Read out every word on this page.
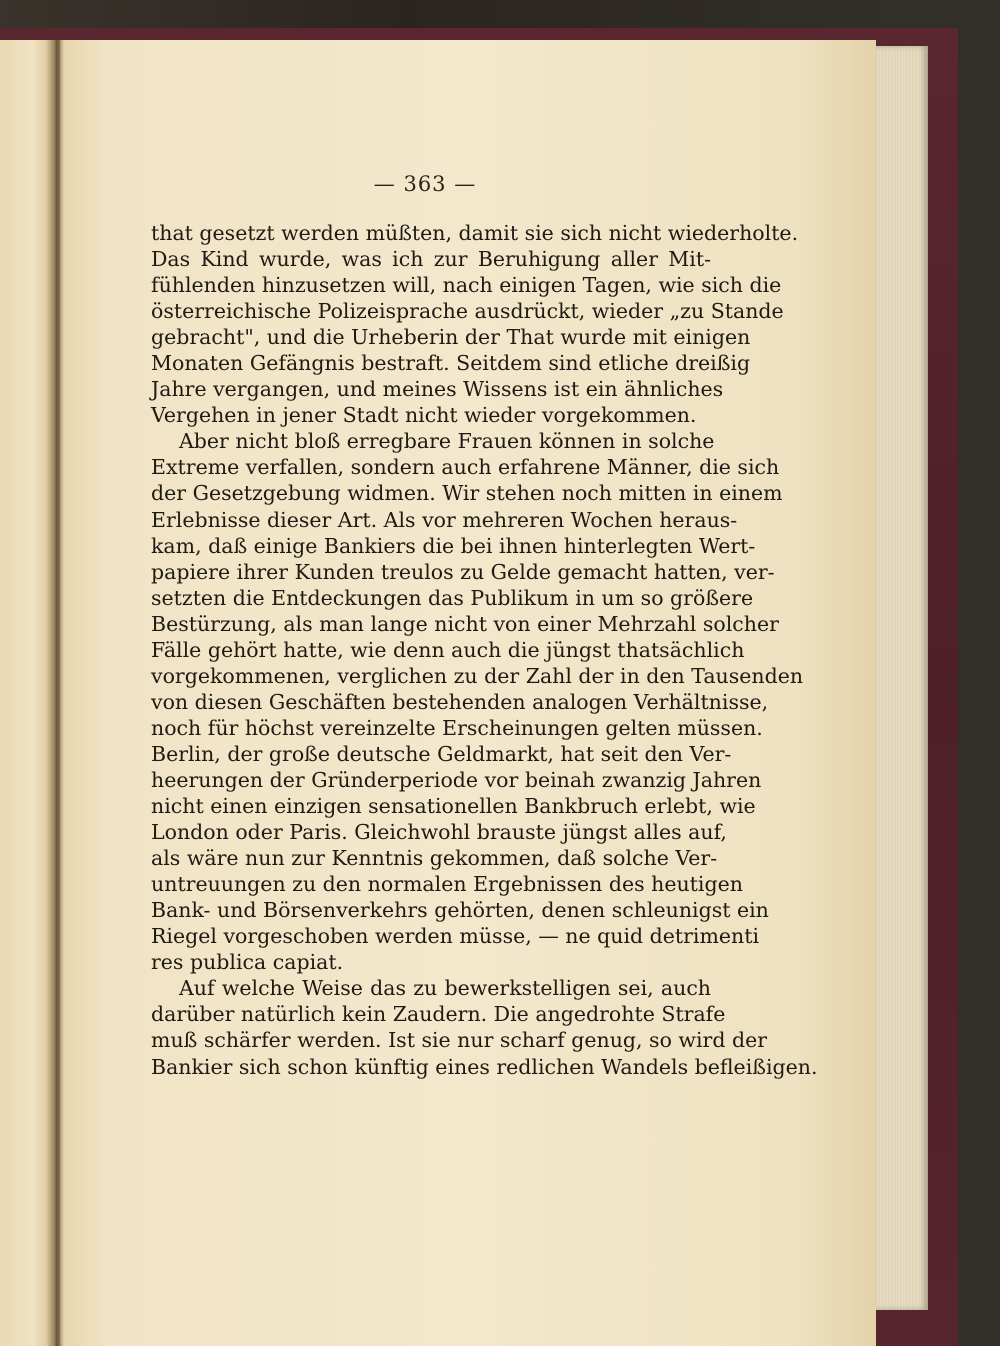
— 363 —
that gesetzt werden müßten, damit sie sich nicht wiederholte.
Das Kind wurde, was ich zur Beruhigung aller Mit-
fühlenden hinzusetzen will, nach einigen Tagen, wie sich die
österreichische Polizeisprache ausdrückt, wieder „zu Stande
gebracht", und die Urheberin der That wurde mit einigen
Monaten Gefängnis bestraft. Seitdem sind etliche dreißig
Jahre vergangen, und meines Wissens ist ein ähnliches
Vergehen in jener Stadt nicht wieder vorgekommen.
Aber nicht bloß erregbare Frauen können in solche
Extreme verfallen, sondern auch erfahrene Männer, die sich
der Gesetzgebung widmen. Wir stehen noch mitten in einem
Erlebnisse dieser Art. Als vor mehreren Wochen heraus-
kam, daß einige Bankiers die bei ihnen hinterlegten Wert-
papiere ihrer Kunden treulos zu Gelde gemacht hatten, ver-
setzten die Entdeckungen das Publikum in um so größere
Bestürzung, als man lange nicht von einer Mehrzahl solcher
Fälle gehört hatte, wie denn auch die jüngst thatsächlich
vorgekommenen, verglichen zu der Zahl der in den Tausenden
von diesen Geschäften bestehenden analogen Verhältnisse,
noch für höchst vereinzelte Erscheinungen gelten müssen.
Berlin, der große deutsche Geldmarkt, hat seit den Ver-
heerungen der Gründerperiode vor beinah zwanzig Jahren
nicht einen einzigen sensationellen Bankbruch erlebt, wie
London oder Paris. Gleichwohl brauste jüngst alles auf,
als wäre nun zur Kenntnis gekommen, daß solche Ver-
untreuungen zu den normalen Ergebnissen des heutigen
Bank- und Börsenverkehrs gehörten, denen schleunigst ein
Riegel vorgeschoben werden müsse, — ne quid detrimenti
res publica capiat.
Auf welche Weise das zu bewerkstelligen sei, auch
darüber natürlich kein Zaudern. Die angedrohte Strafe
muß schärfer werden. Ist sie nur scharf genug, so wird der
Bankier sich schon künftig eines redlichen Wandels befleißigen.
